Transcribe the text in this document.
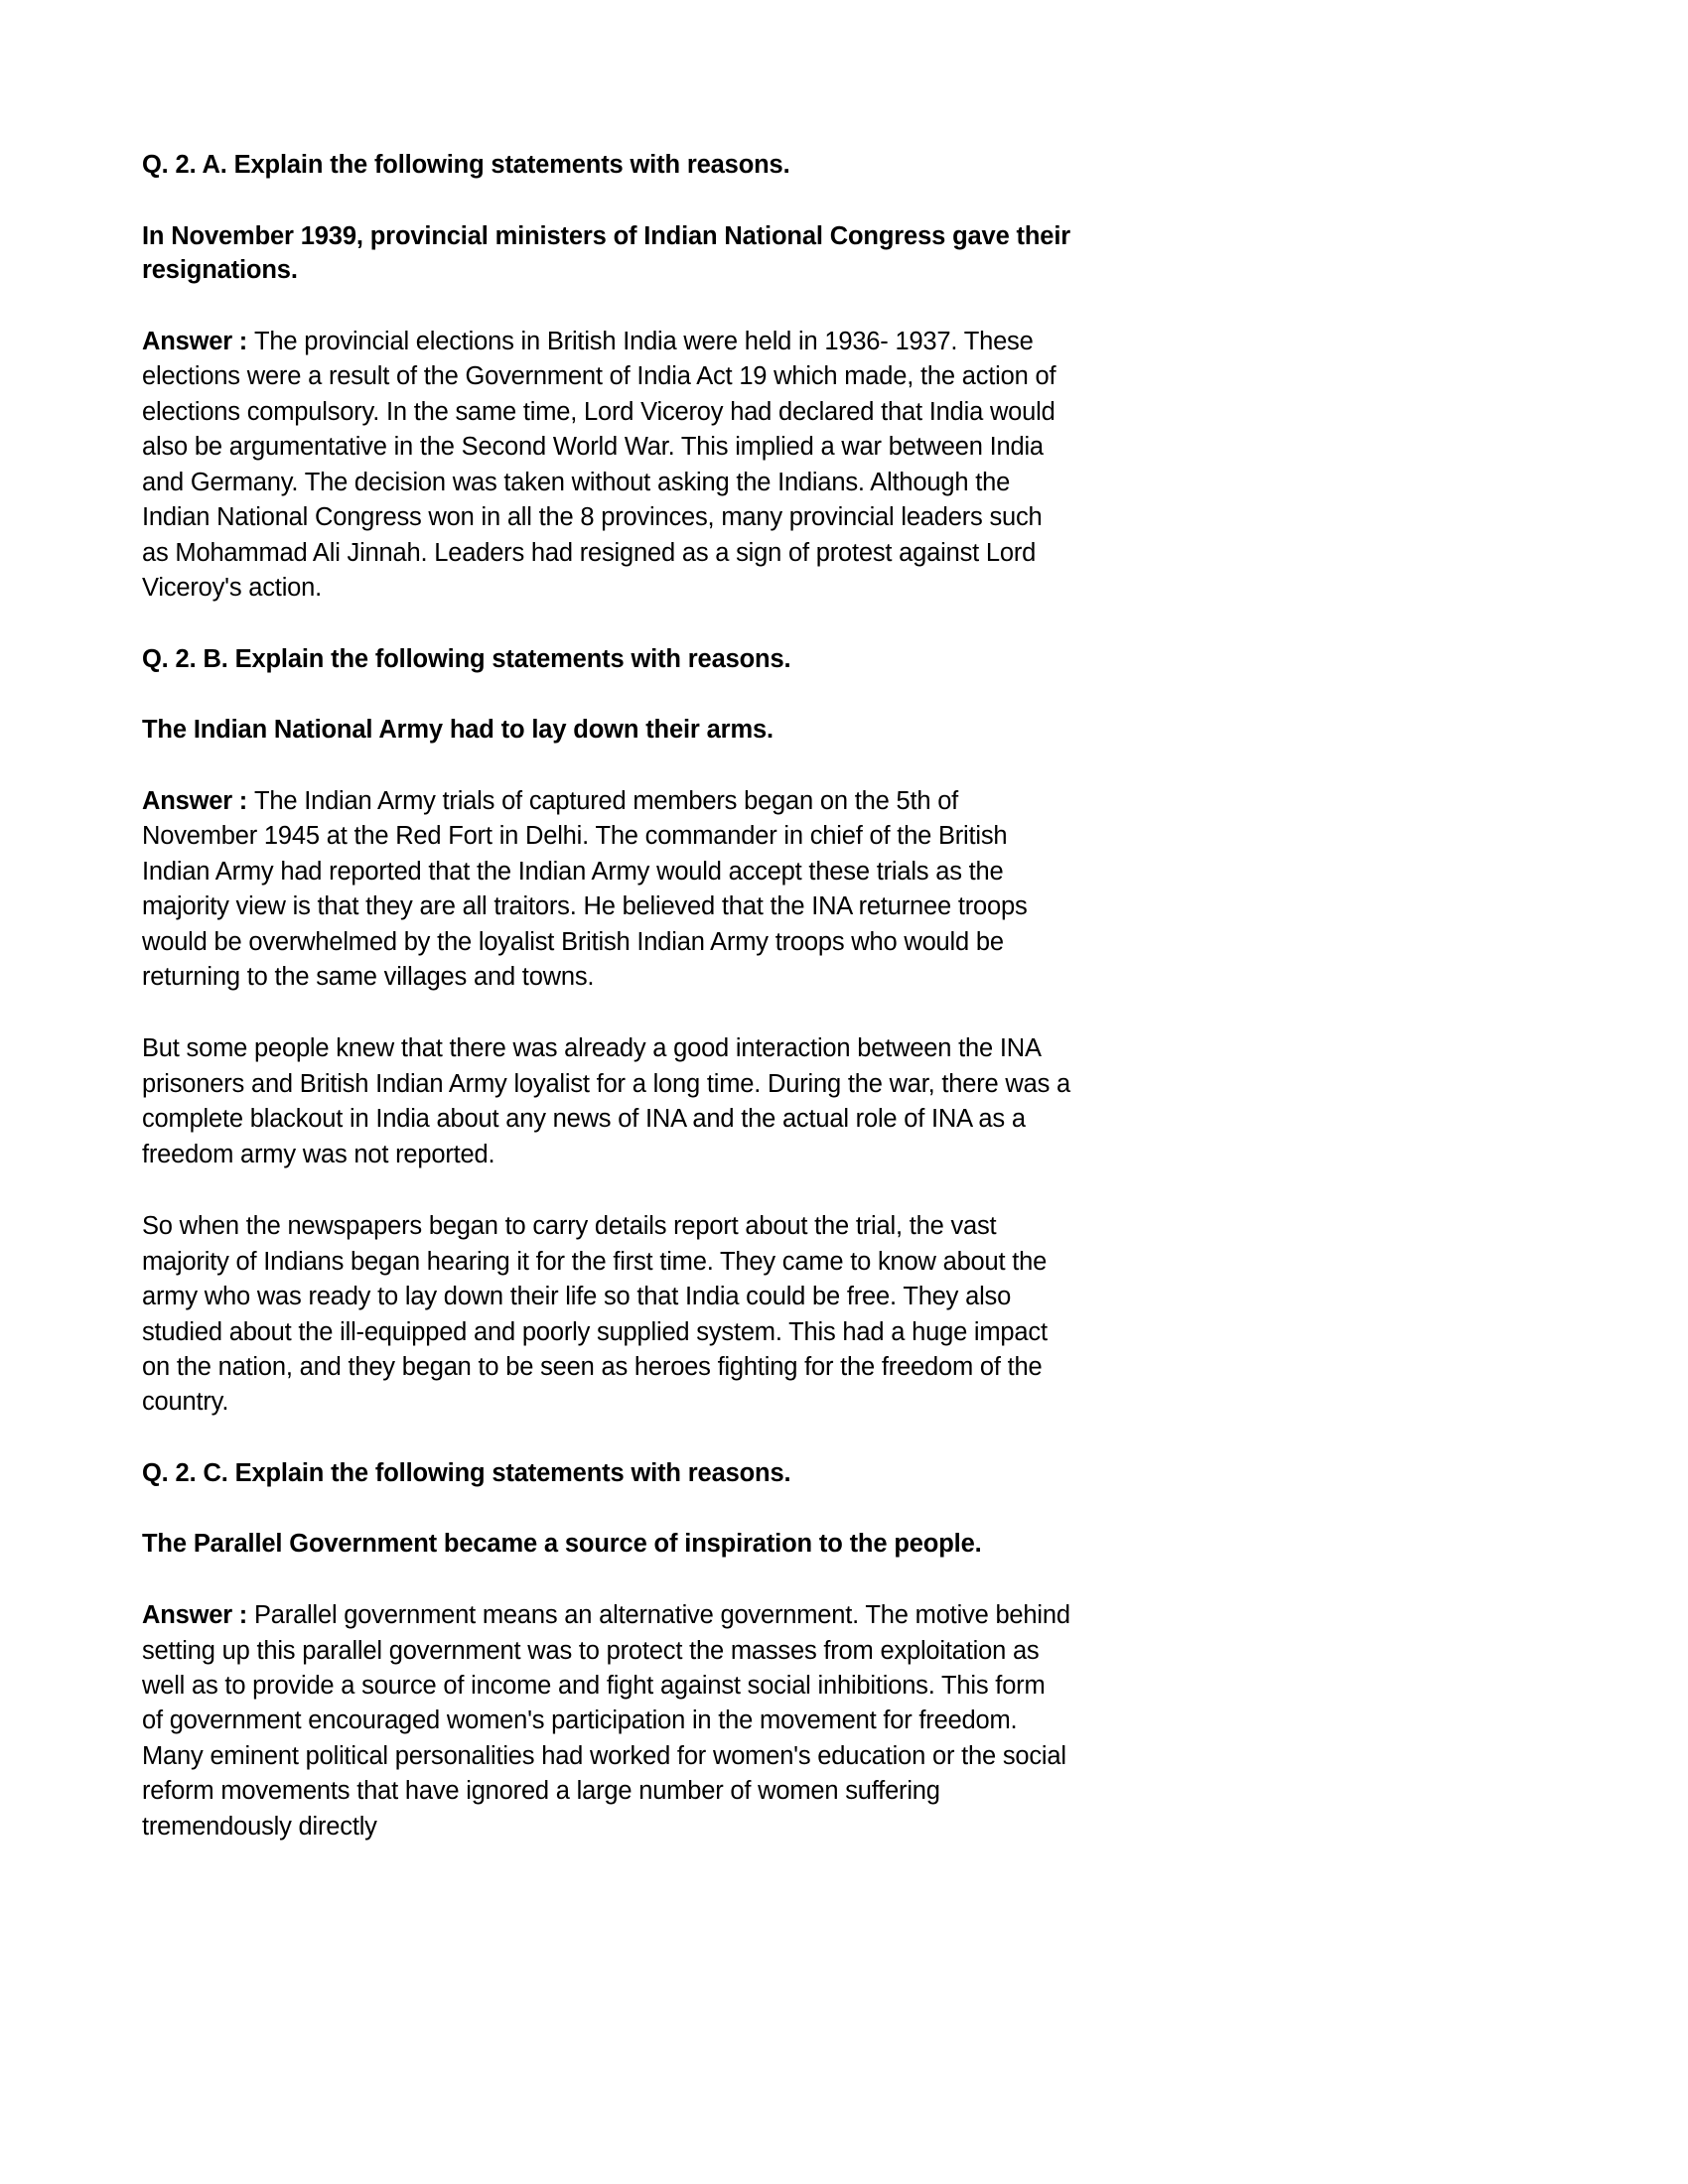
Q. 2. A. Explain the following statements with reasons.

In November 1939, provincial ministers of Indian National Congress gave their resignations.

Answer : The provincial elections in British India were held in 1936- 1937. These elections were a result of the Government of India Act 19 which made, the action of elections compulsory. In the same time, Lord Viceroy had declared that India would also be argumentative in the Second World War. This implied a war between India and Germany. The decision was taken without asking the Indians. Although the Indian National Congress won in all the 8 provinces, many provincial leaders such as Mohammad Ali Jinnah. Leaders had resigned as a sign of protest against Lord Viceroy's action.

Q. 2. B. Explain the following statements with reasons.

The Indian National Army had to lay down their arms.

Answer : The Indian Army trials of captured members began on the 5th of November 1945 at the Red Fort in Delhi. The commander in chief of the British Indian Army had reported that the Indian Army would accept these trials as the majority view is that they are all traitors. He believed that the INA returnee troops would be overwhelmed by the loyalist British Indian Army troops who would be returning to the same villages and towns.

But some people knew that there was already a good interaction between the INA prisoners and British Indian Army loyalist for a long time. During the war, there was a complete blackout in India about any news of INA and the actual role of INA as a freedom army was not reported.

So when the newspapers began to carry details report about the trial, the vast majority of Indians began hearing it for the first time. They came to know about the army who was ready to lay down their life so that India could be free. They also studied about the ill-equipped and poorly supplied system. This had a huge impact on the nation, and they began to be seen as heroes fighting for the freedom of the country.

Q. 2. C. Explain the following statements with reasons.

The Parallel Government became a source of inspiration to the people.

Answer : Parallel government means an alternative government. The motive behind setting up this parallel government was to protect the masses from exploitation as well as to provide a source of income and fight against social inhibitions. This form of government encouraged women's participation in the movement for freedom. Many eminent political personalities had worked for women's education or the social reform movements that have ignored a large number of women suffering tremendously directly
